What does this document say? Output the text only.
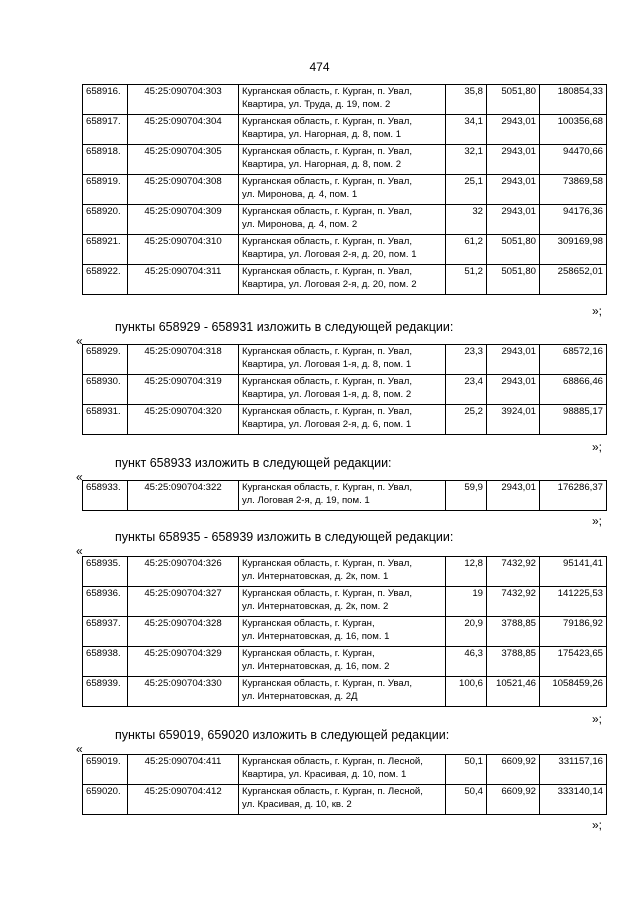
474
658916.	45:25:090704:303	Курганская область, г. Курган, п. Увал,
Квартира, ул. Труда, д. 19, пом. 2	35,8	5051,80	180854,33
658917.	45:25:090704:304	Курганская область, г. Курган, п. Увал,
Квартира, ул. Нагорная, д. 8, пом. 1	34,1	2943,01	100356,68
658918.	45:25:090704:305	Курганская область, г. Курган, п. Увал,
Квартира, ул. Нагорная, д. 8, пом. 2	32,1	2943,01	94470,66
658919.	45:25:090704:308	Курганская область, г. Курган, п. Увал,
ул. Миронова, д. 4, пом. 1	25,1	2943,01	73869,58
658920.	45:25:090704:309	Курганская область, г. Курган, п. Увал,
ул. Миронова, д. 4, пом. 2	32	2943,01	94176,36
658921.	45:25:090704:310	Курганская область, г. Курган, п. Увал,
Квартира, ул. Логовая 2-я, д. 20, пом. 1	61,2	5051,80	309169,98
658922.	45:25:090704:311	Курганская область, г. Курган, п. Увал,
Квартира, ул. Логовая 2-я, д. 20, пом. 2	51,2	5051,80	258652,01
»;
пункты 658929 - 658931 изложить в следующей редакции:
«
658929.	45:25:090704:318	Курганская область, г. Курган, п. Увал,
Квартира, ул. Логовая 1-я, д. 8, пом. 1	23,3	2943,01	68572,16
658930.	45:25:090704:319	Курганская область, г. Курган, п. Увал,
Квартира, ул. Логовая 1-я, д. 8, пом. 2	23,4	2943,01	68866,46
658931.	45:25:090704:320	Курганская область, г. Курган, п. Увал,
Квартира, ул. Логовая 2-я, д. 6, пом. 1	25,2	3924,01	98885,17
»;
пункт 658933 изложить в следующей редакции:
«
658933.	45:25:090704:322	Курганская область, г. Курган, п. Увал,
ул. Логовая 2-я, д. 19, пом. 1	59,9	2943,01	176286,37
»;
пункты 658935 - 658939 изложить в следующей редакции:
«
658935.	45:25:090704:326	Курганская область, г. Курган, п. Увал,
ул. Интернатовская, д. 2к, пом. 1	12,8	7432,92	95141,41
658936.	45:25:090704:327	Курганская область, г. Курган, п. Увал,
ул. Интернатовская, д. 2к, пом. 2	19	7432,92	141225,53
658937.	45:25:090704:328	Курганская область, г. Курган,
ул. Интернатовская, д. 16, пом. 1	20,9	3788,85	79186,92
658938.	45:25:090704:329	Курганская область, г. Курган,
ул. Интернатовская, д. 16, пом. 2	46,3	3788,85	175423,65
658939.	45:25:090704:330	Курганская область, г. Курган, п. Увал,
ул. Интернатовская, д. 2Д	100,6	10521,46	1058459,26
»;
пункты 659019, 659020 изложить в следующей редакции:
«
659019.	45:25:090704:411	Курганская область, г. Курган, п. Лесной,
Квартира, ул. Красивая, д. 10, пом. 1	50,1	6609,92	331157,16
659020.	45:25:090704:412	Курганская область, г. Курган, п. Лесной,
ул. Красивая, д. 10, кв. 2	50,4	6609,92	333140,14
»;
